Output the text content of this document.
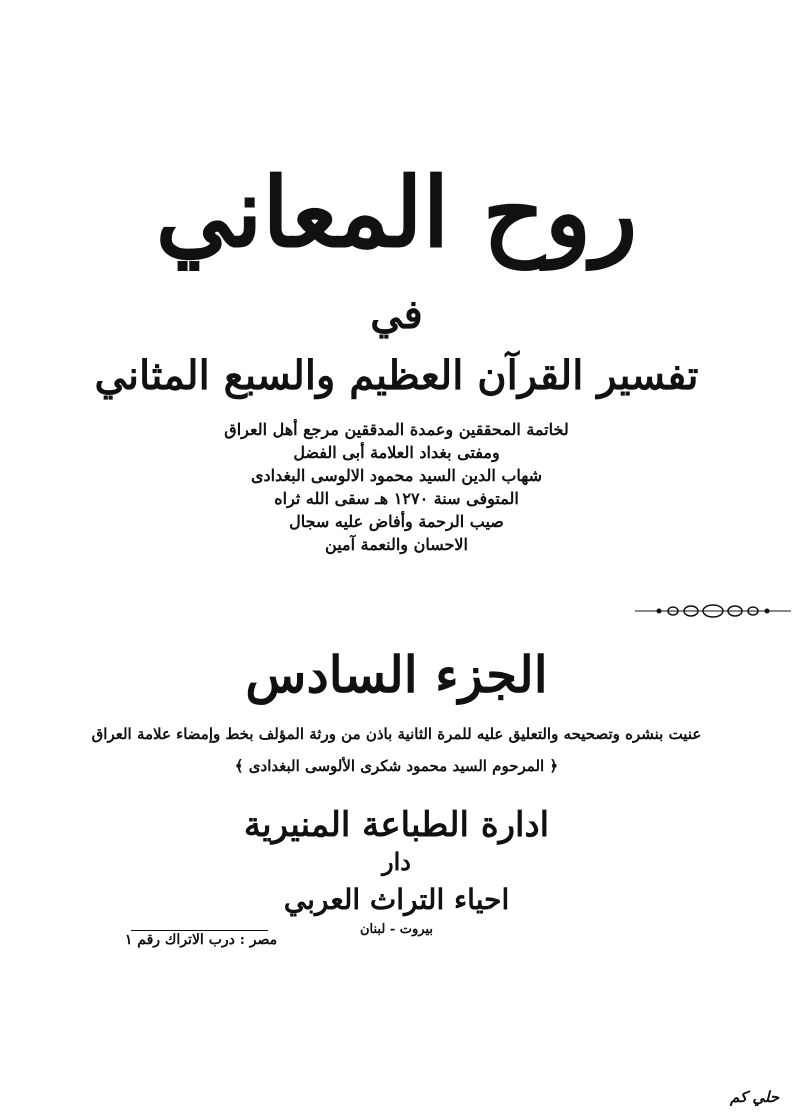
روح المعاني
في
تفسير القرآن العظيم والسبع المثاني
لخاتمة المحققين وعمدة المدققين مرجع أهل العراق
ومفتى بغداد العلامة أبى الفضل
شهاب الدين السيد محمود الالوسى البغدادى
المتوفى سنة ١٢٧٠ هـ سقى الله ثراه
صيب الرحمة وأفاض عليه سجال
الاحسان والنعمة آمين
الجزء السادس
عنيت بنشره وتصحيحه والتعليق عليه للمرة الثانية باذن من ورثة المؤلف بخط وإمضاء علامة العراق
﴿ المرحوم السيد محمود شكرى الألوسى البغدادى ﴾
ادارة الطباعة المنيرية
دار
احياء التراث العربي
بيروت - لبنان
مصر : درب الاتراك رقم ١
حلي كم
